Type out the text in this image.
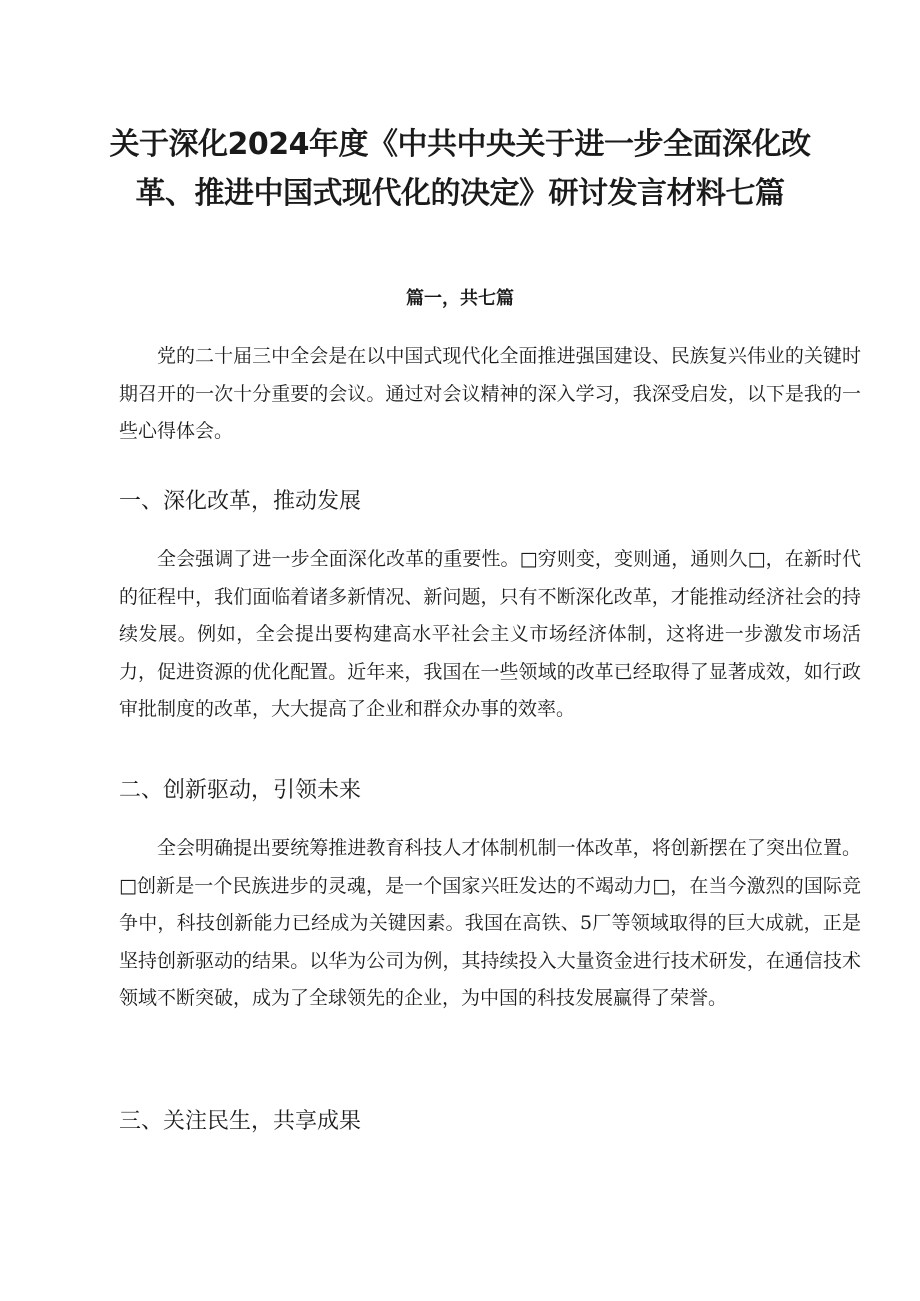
关于深化2024年度《中共中央关于进一步全面深化改
革、推进中国式现代化的决定》研讨发言材料七篇
篇一，共七篇

党的二十届三中全会是在以中国式现代化全面推进强国建设、民族复兴伟业的关键时期召开的一次十分重要的会议。通过对会议精神的深入学习，我深受启发，以下是我的一些心得体会。

一、深化改革，推动发展

全会强调了进一步全面深化改革的重要性。□穷则变，变则通，通则久□，在新时代的征程中，我们面临着诸多新情况、新问题，只有不断深化改革，才能推动经济社会的持续发展。例如，全会提出要构建高水平社会主义市场经济体制，这将进一步激发市场活力，促进资源的优化配置。近年来，我国在一些领域的改革已经取得了显著成效，如行政审批制度的改革，大大提高了企业和群众办事的效率。

二、创新驱动，引领未来

全会明确提出要统筹推进教育科技人才体制机制一体改革，将创新摆在了突出位置。□创新是一个民族进步的灵魂，是一个国家兴旺发达的不竭动力□，在当今激烈的国际竞争中，科技创新能力已经成为关键因素。我国在高铁、5厂等领域取得的巨大成就，正是坚持创新驱动的结果。以华为公司为例，其持续投入大量资金进行技术研发，在通信技术领域不断突破，成为了全球领先的企业，为中国的科技发展赢得了荣誉。

三、关注民生，共享成果
